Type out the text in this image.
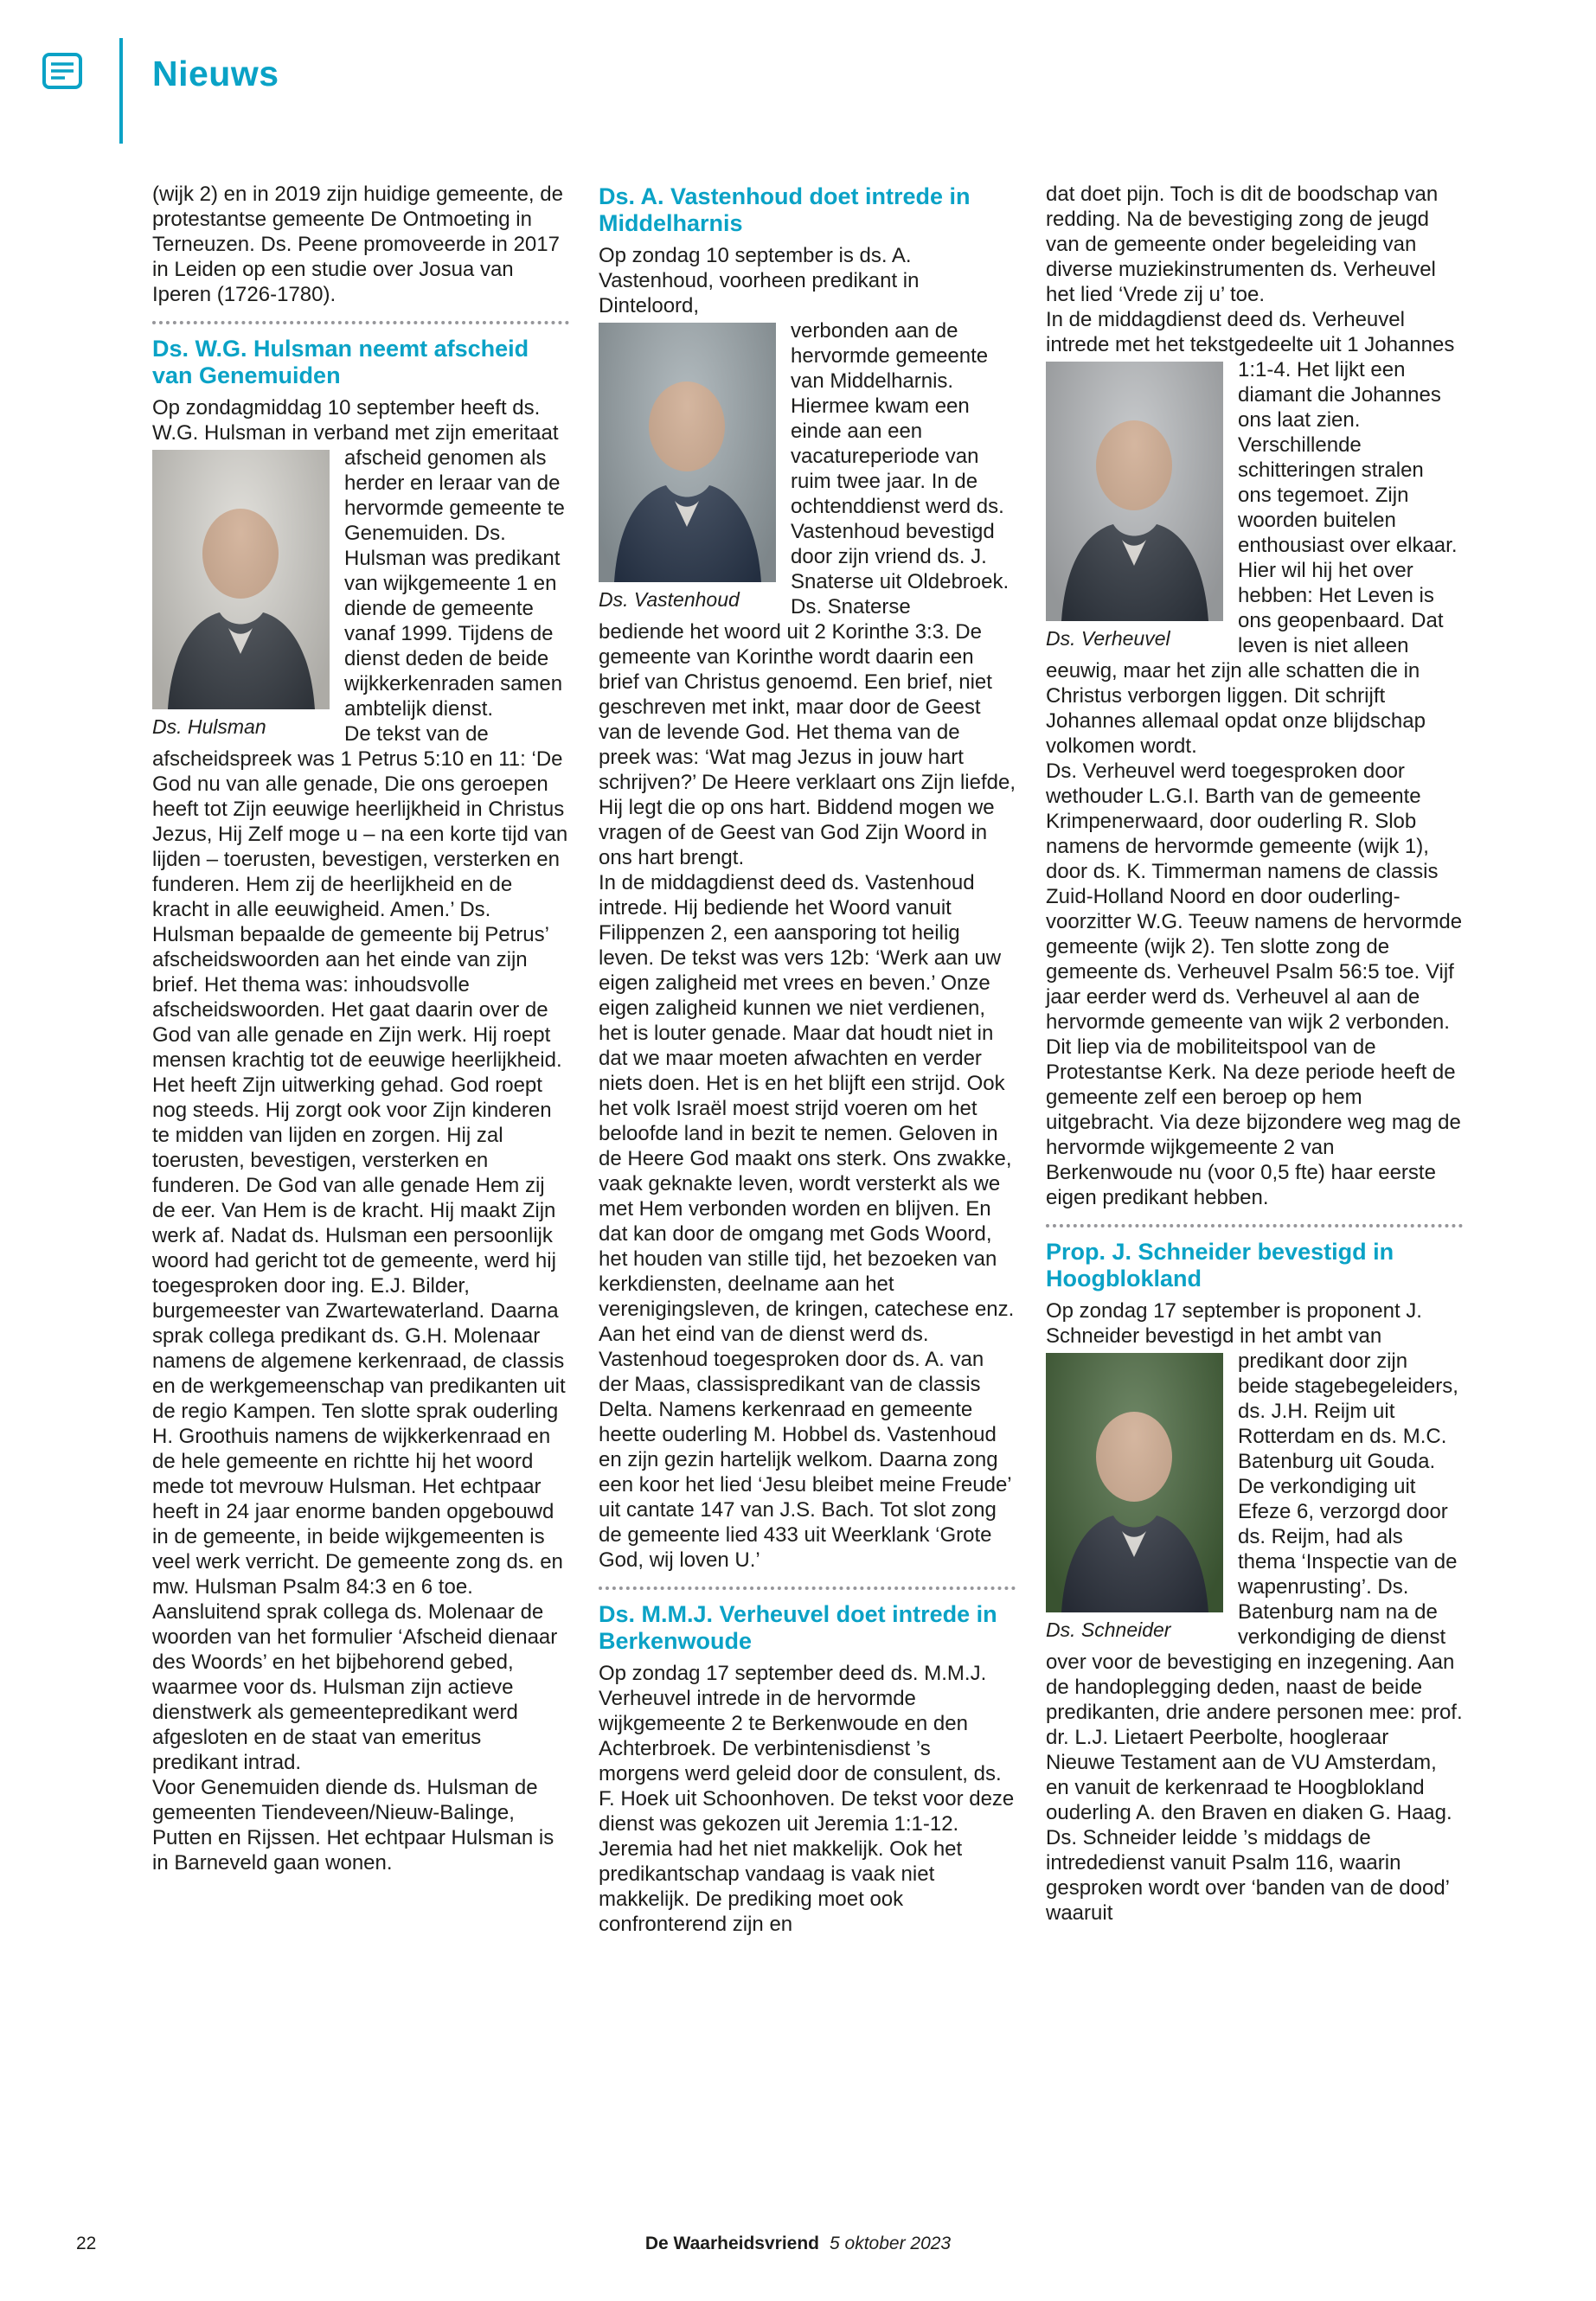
Nieuws

(wijk 2) en in 2019 zijn huidige gemeente, de protestantse gemeente De Ontmoeting in Terneuzen. Ds. Peene promoveerde in 2017 in Leiden op een studie over Josua van Iperen (1726-1780).

Ds. W.G. Hulsman neemt afscheid van Genemuiden

Op zondagmiddag 10 september heeft ds. W.G. Hulsman in verband met zijn emeritaat

Ds. Hulsman
afscheid genomen als herder en leraar van de hervormde gemeente te Genemuiden. Ds. Hulsman was predikant van wijkgemeente 1 en diende de gemeente vanaf 1999. Tijdens de dienst deden de beide wijkkerkenraden samen ambtelijk dienst.
De tekst van de afscheidspreek was 1 Petrus 5:10 en 11: ‘De God nu van alle genade, Die ons geroepen heeft tot Zijn eeuwige heerlijkheid in Christus Jezus, Hij Zelf moge u – na een korte tijd van lijden – toerusten, bevestigen, versterken en funderen. Hem zij de heerlijkheid en de kracht in alle eeuwigheid. Amen.’ Ds. Hulsman bepaalde de gemeente bij Petrus’ afscheidswoorden aan het einde van zijn brief. Het thema was: inhoudsvolle afscheidswoorden. Het gaat daarin over de God van alle genade en Zijn werk. Hij roept mensen krachtig tot de eeuwige heerlijkheid. Het heeft Zijn uitwerking gehad. God roept nog steeds. Hij zorgt ook voor Zijn kinderen te midden van lijden en zorgen. Hij zal toerusten, bevestigen, versterken en funderen. De God van alle genade Hem zij de eer. Van Hem is de kracht. Hij maakt Zijn werk af. Nadat ds. Hulsman een persoonlijk woord had gericht tot de gemeente, werd hij toegesproken door ing. E.J. Bilder, burgemeester van Zwartewaterland. Daarna sprak collega predikant ds. G.H. Molenaar namens de algemene kerkenraad, de classis en de werkgemeenschap van predikanten uit de regio Kampen. Ten slotte sprak ouderling H. Groothuis namens de wijkkerkenraad en de hele gemeente en richtte hij het woord mede tot mevrouw Hulsman. Het echtpaar heeft in 24 jaar enorme banden opgebouwd in de gemeente, in beide wijkgemeenten is veel werk verricht. De gemeente zong ds. en mw. Hulsman Psalm 84:3 en 6 toe. Aansluitend sprak collega ds. Molenaar de woorden van het formulier ‘Afscheid dienaar des Woords’ en het bijbehorend gebed, waarmee voor ds. Hulsman zijn actieve dienstwerk als gemeentepredikant werd afgesloten en de staat van emeritus predikant intrad.
Voor Genemuiden diende ds. Hulsman de gemeenten Tiendeveen/Nieuw-Balinge, Putten en Rijssen. Het echtpaar Hulsman is in Barneveld gaan wonen.
Ds. A. Vastenhoud doet intrede in Middelharnis

Op zondag 10 september is ds. A. Vastenhoud, voorheen predikant in Dinteloord,

Ds. Vastenhoud
verbonden aan de hervormde gemeente van Middelharnis. Hiermee kwam een einde aan een vacatureperiode van ruim twee jaar. In de ochtenddienst werd ds. Vastenhoud bevestigd door zijn vriend ds. J. Snaterse uit Oldebroek. Ds. Snaterse
bediende het woord uit 2 Korinthe 3:3. De gemeente van Korinthe wordt daarin een brief van Christus genoemd. Een brief, niet geschreven met inkt, maar door de Geest van de levende God. Het thema van de preek was: ‘Wat mag Jezus in jouw hart schrijven?’ De Heere verklaart ons Zijn liefde, Hij legt die op ons hart. Biddend mogen we vragen of de Geest van God Zijn Woord in ons hart brengt.
In de middagdienst deed ds. Vastenhoud intrede. Hij bediende het Woord vanuit Filippenzen 2, een aansporing tot heilig leven. De tekst was vers 12b: ‘Werk aan uw eigen zaligheid met vrees en beven.’ Onze eigen zaligheid kunnen we niet verdienen, het is louter genade. Maar dat houdt niet in dat we maar moeten afwachten en verder niets doen. Het is en het blijft een strijd. Ook het volk Israël moest strijd voeren om het beloofde land in bezit te nemen. Geloven in de Heere God maakt ons sterk. Ons zwakke, vaak geknakte leven, wordt versterkt als we met Hem verbonden worden en blijven. En dat kan door de omgang met Gods Woord, het houden van stille tijd, het bezoeken van kerkdiensten, deelname aan het verenigingsleven, de kringen, catechese enz. Aan het eind van de dienst werd ds. Vastenhoud toegesproken door ds. A. van der Maas, classispredikant van de classis Delta. Namens kerkenraad en gemeente heette ouderling M. Hobbel ds. Vastenhoud en zijn gezin hartelijk welkom. Daarna zong een koor het lied ‘Jesu bleibet meine Freude’ uit cantate 147 van J.S. Bach. Tot slot zong de gemeente lied 433 uit Weerklank ‘Grote God, wij loven U.’
Ds. M.M.J. Verheuvel doet intrede in Berkenwoude
Op zondag 17 september deed ds. M.M.J. Verheuvel intrede in de hervormde wijkgemeente 2 te Berkenwoude en den Achterbroek. De verbintenisdienst ’s morgens werd geleid door de consulent, ds. F. Hoek uit Schoonhoven. De tekst voor deze dienst was gekozen uit Jeremia 1:1-12. Jeremia had het niet makkelijk. Ook het predikantschap vandaag is vaak niet makkelijk. De prediking moet ook confronterend zijn en
dat doet pijn. Toch is dit de boodschap van redding. Na de bevestiging zong de jeugd van de gemeente onder begeleiding van diverse muziekinstrumenten ds. Verheuvel het lied ‘Vrede zij u’ toe.

In de middagdienst deed ds. Verheuvel intrede met het tekstgedeelte uit 1 Johannes

Ds. Verheuvel
1:1-4. Het lijkt een diamant die Johannes ons laat zien. Verschillende schitteringen stralen ons tegemoet. Zijn woorden buitelen enthousiast over elkaar. Hier wil hij het over hebben: Het Leven is ons geopenbaard. Dat leven is niet alleen
eeuwig, maar het zijn alle schatten die in Christus verborgen liggen. Dit schrijft Johannes allemaal opdat onze blijdschap volkomen wordt.
Ds. Verheuvel werd toegesproken door wethouder L.G.I. Barth van de gemeente Krimpenerwaard, door ouderling R. Slob namens de hervormde gemeente (wijk 1), door ds. K. Timmerman namens de classis Zuid-Holland Noord en door ouderling-voorzitter W.G. Teeuw namens de hervormde gemeente (wijk 2). Ten slotte zong de gemeente ds. Verheuvel Psalm 56:5 toe. Vijf jaar eerder werd ds. Verheuvel al aan de hervormde gemeente van wijk 2 verbonden. Dit liep via de mobiliteitspool van de Protestantse Kerk. Na deze periode heeft de gemeente zelf een beroep op hem uitgebracht. Via deze bijzondere weg mag de hervormde wijkgemeente 2 van Berkenwoude nu (voor 0,5 fte) haar eerste eigen predikant hebben.
Prop. J. Schneider bevestigd in Hoogblokland

Op zondag 17 september is proponent J. Schneider bevestigd in het ambt van

Ds. Schneider
predikant door zijn beide stagebegeleiders, ds. J.H. Reijm uit Rotterdam en ds. M.C. Batenburg uit Gouda. De verkondiging uit Efeze 6, verzorgd door ds. Reijm, had als thema ‘Inspectie van de wapenrusting’. Ds. Batenburg nam na de
verkondiging de dienst over voor de bevestiging en inzegening. Aan de handoplegging deden, naast de beide predikanten, drie andere personen mee: prof. dr. L.J. Lietaert Peerbolte, hoogleraar Nieuwe Testament aan de VU Amsterdam, en vanuit de kerkenraad te Hoogblokland ouderling A. den Braven en diaken G. Haag. Ds. Schneider leidde ’s middags de intrededienst vanuit Psalm 116, waarin gesproken wordt over ‘banden van de dood’ waaruit
22	De Waarheidsvriend 5 oktober 2023
